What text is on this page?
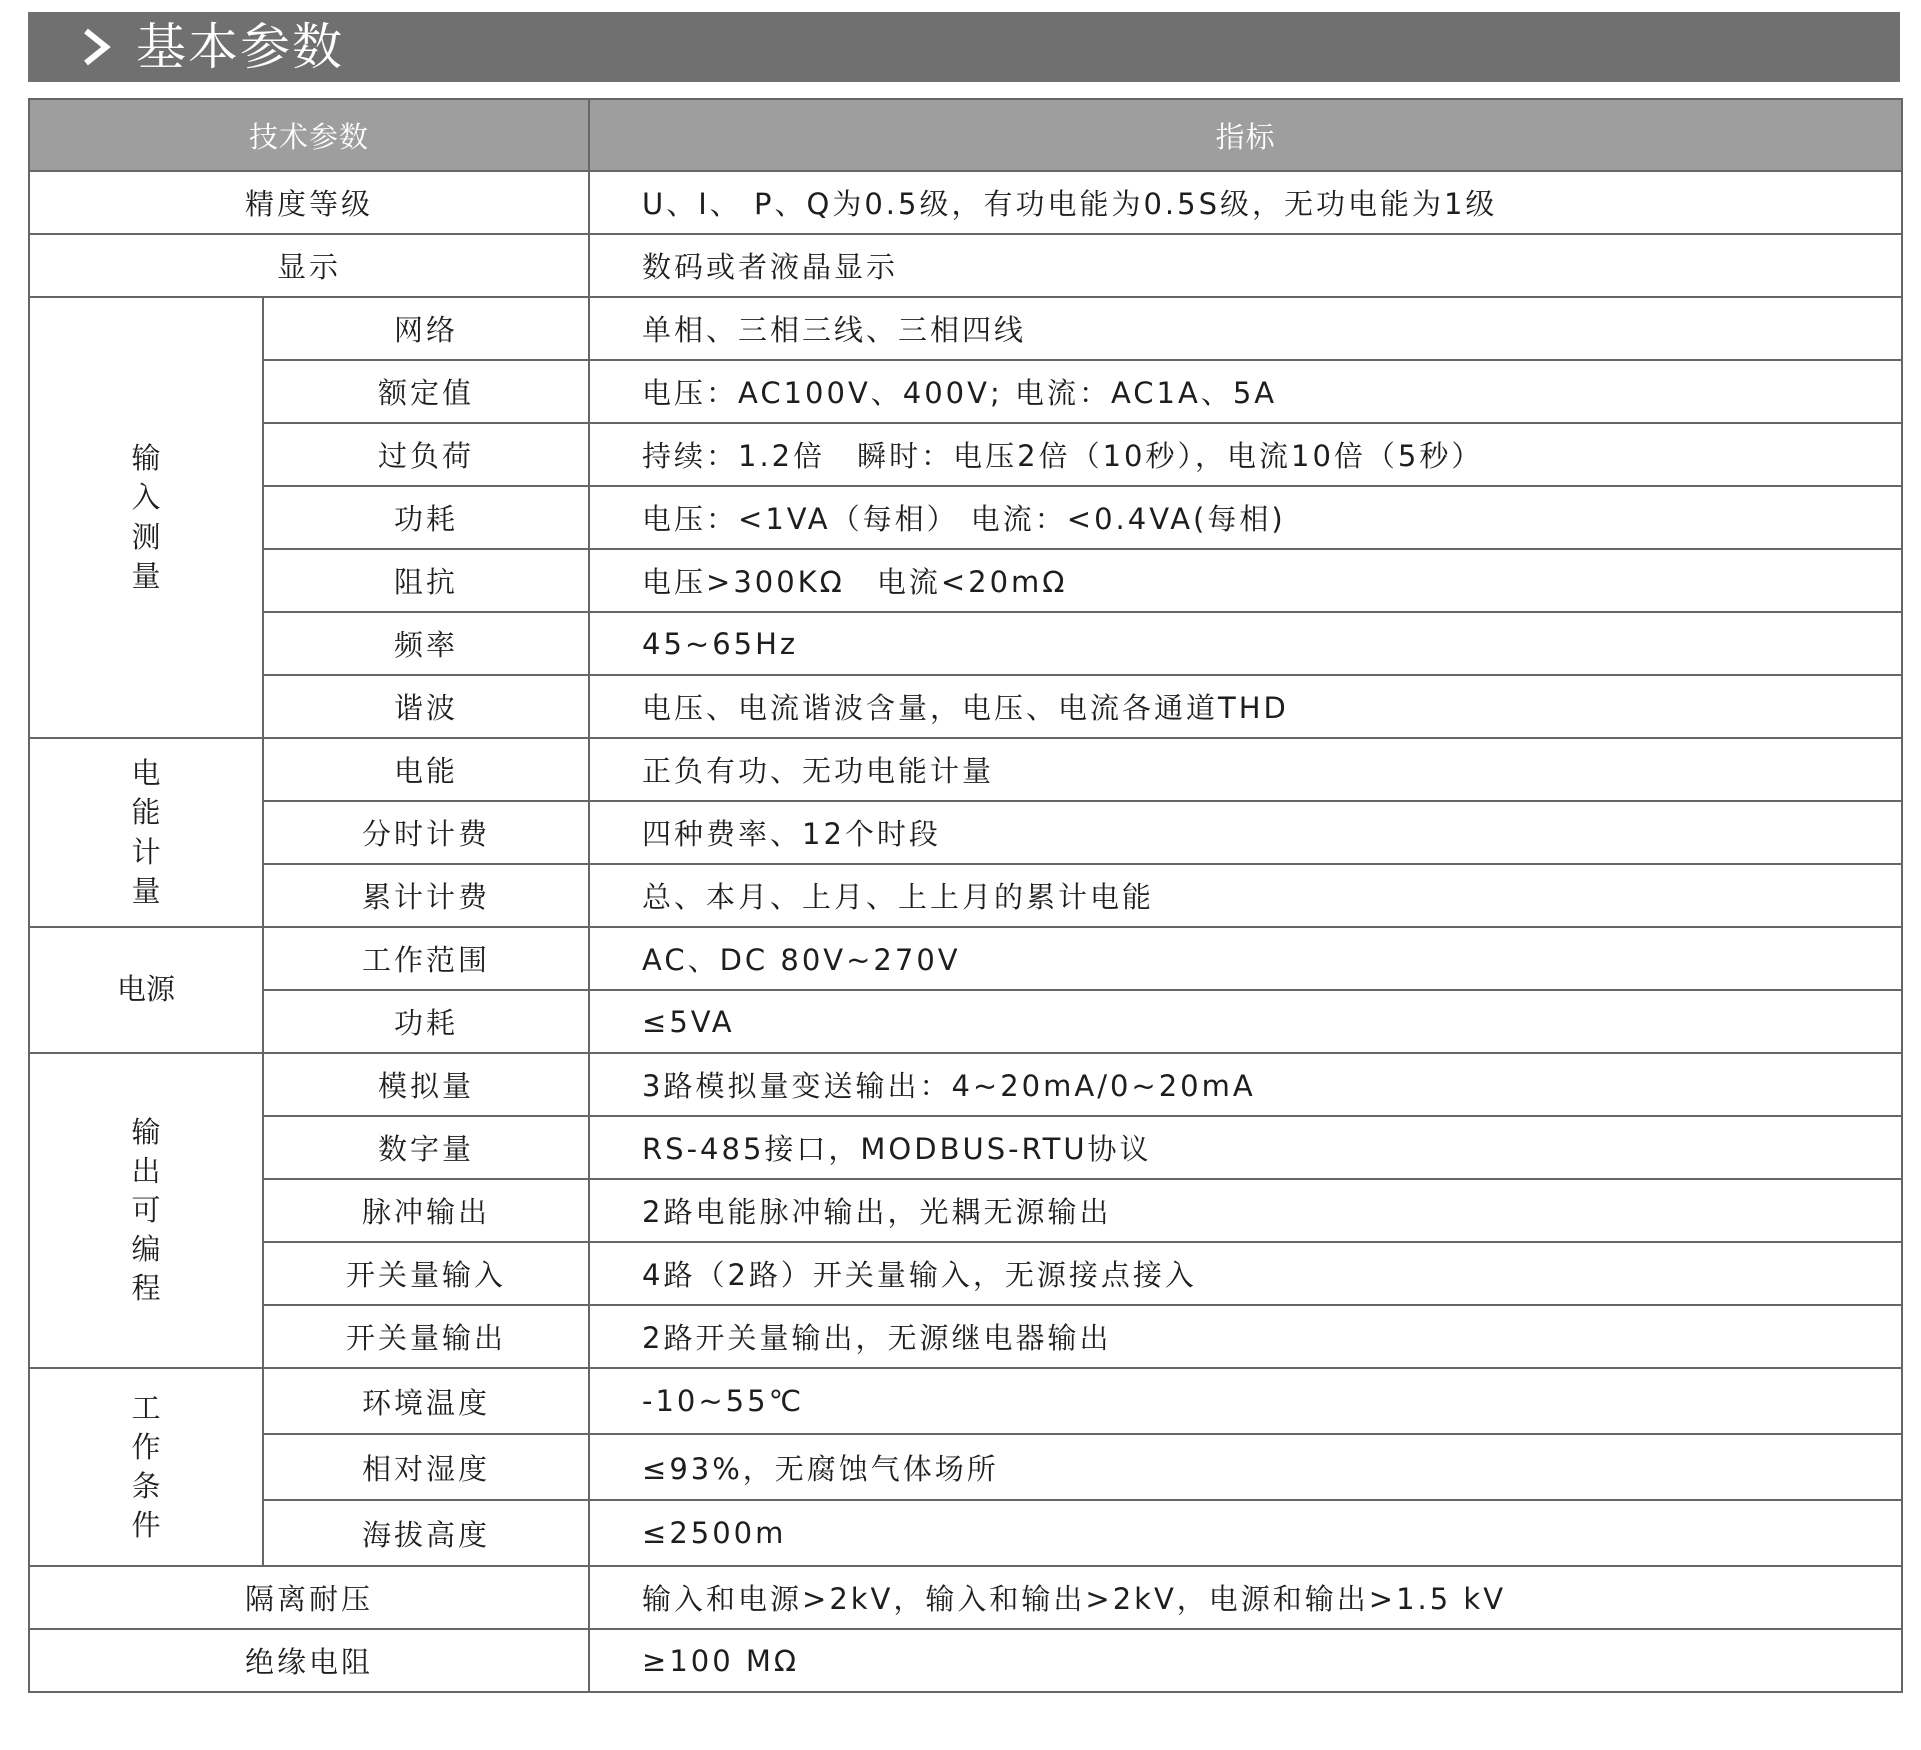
基本参数
技术参数		指标
精度等级		U、I、 P、Q为0.5级，有功电能为0.5S级，无功电能为1级
显示		数码或者液晶显示
输入测量	网络	单相、三相三线、三相四线
	额定值	电压：AC100V、400V; 电流：AC1A、5A
	过负荷	持续：1.2倍　瞬时：电压2倍（10秒），电流10倍（5秒）
	功耗	电压：<1VA（每相） 电流：<0.4VA(每相)
	阻抗	电压>300KΩ　电流<20mΩ
	频率	45~65Hz
	谐波	电压、电流谐波含量，电压、电流各通道THD
电能计量	电能	正负有功、无功电能计量
	分时计费	四种费率、12个时段
	累计计费	总、本月、上月、上上月的累计电能
电源	工作范围	AC、DC 80V~270V
	功耗	≤5VA
输出可编程	模拟量	3路模拟量变送输出：4~20mA/0~20mA
	数字量	RS-485接口，MODBUS-RTU协议
	脉冲输出	2路电能脉冲输出，光耦无源输出
	开关量输入	4路（2路）开关量输入，无源接点接入
	开关量输出	2路开关量输出，无源继电器输出
工作条件	环境温度	-10~55℃
	相对湿度	≤93%，无腐蚀气体场所
	海拔高度	≤2500m
隔离耐压		输入和电源>2kV，输入和输出>2kV，电源和输出>1.5 kV
绝缘电阻		≥100 MΩ
